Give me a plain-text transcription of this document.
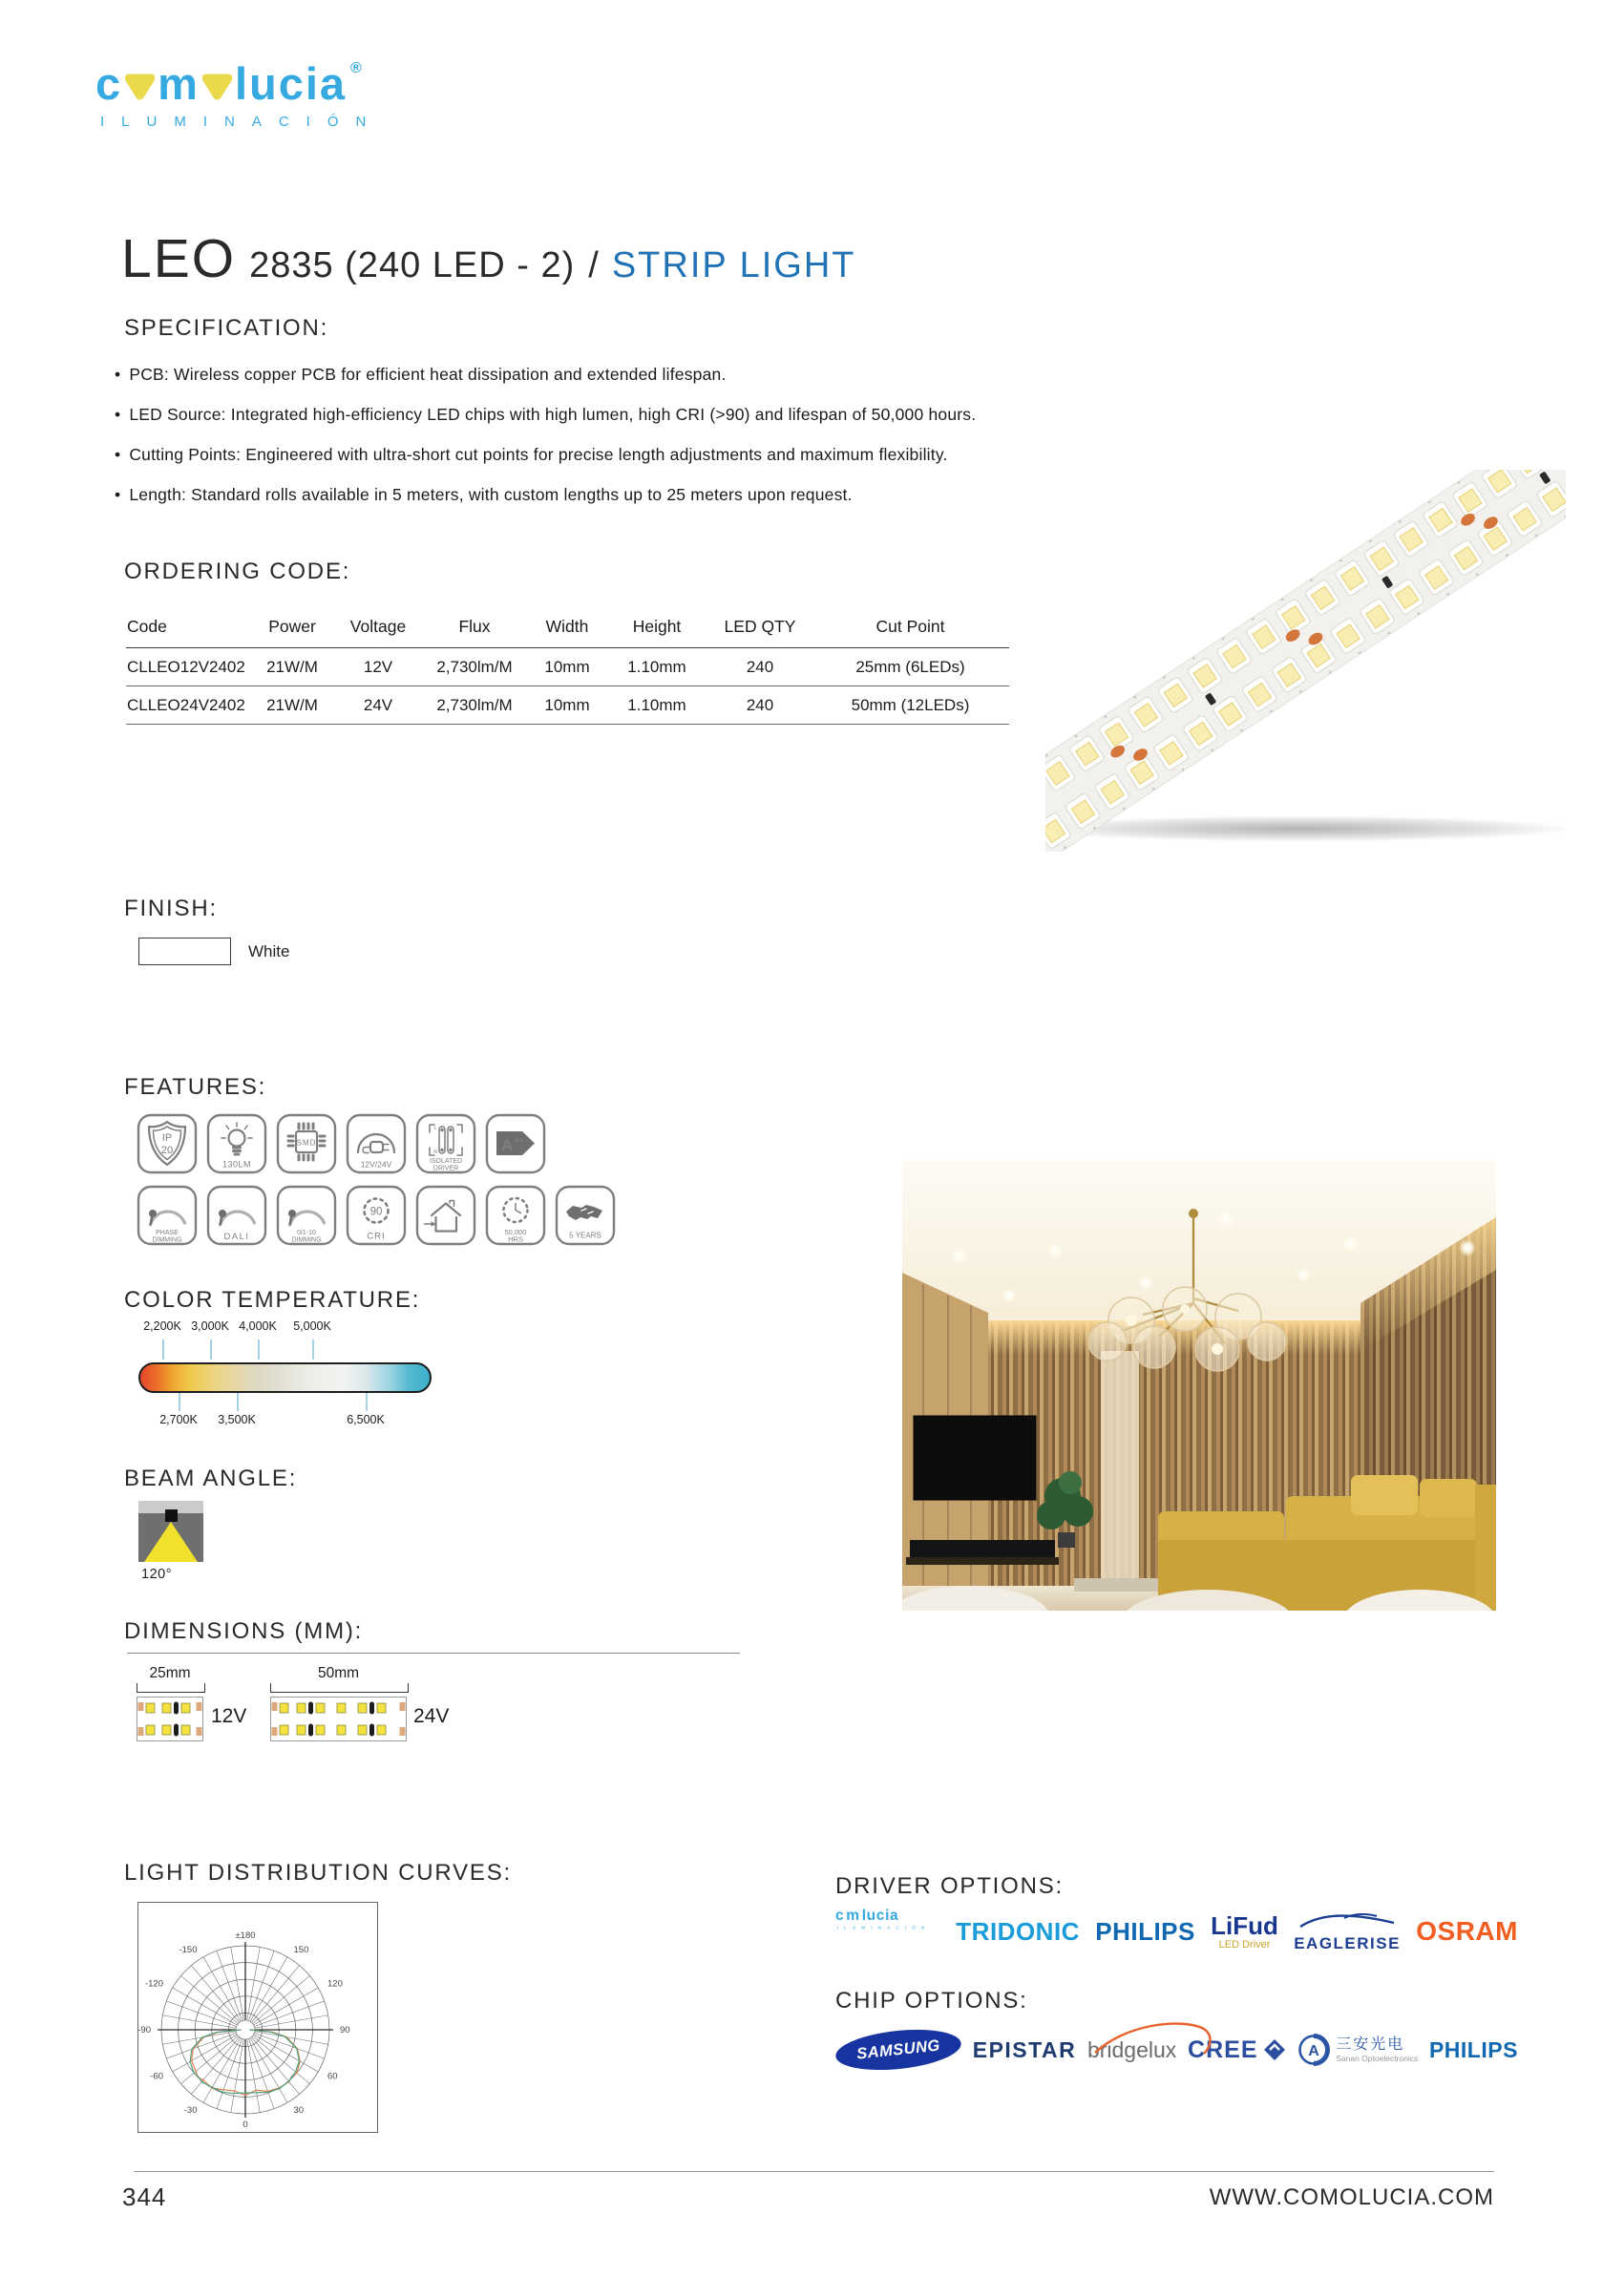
c m lucia ®
ILUMINACIÓN
LEO 2835 (240 LED - 2) / STRIP LIGHT
SPECIFICATION:
• PCB: Wireless copper PCB for efficient heat dissipation and extended lifespan.
• LED Source: Integrated high-efficiency LED chips with high lumen, high CRI (>90) and lifespan of 50,000 hours.
• Cutting Points: Engineered with ultra-short cut points for precise length adjustments and maximum flexibility.
• Length: Standard rolls available in 5 meters, with custom lengths up to 25 meters upon request.
ORDERING CODE:
Code	Power	Voltage	Flux	Width	Height	LED QTY	Cut Point
CLLEO12V2402	21W/M	12V	2,730lm/M	10mm	1.10mm	240	25mm (6LEDs)
CLLEO24V2402	21W/M	24V	2,730lm/M	10mm	1.10mm	240	50mm (12LEDs)
FINISH:
White
FEATURES:
IP
20
130LM
SMD
12V/24V
L
N
ISOLATED
DRIVER
A++
PHASE
DIMMING	DALI	0/1-10
DIMMING
90
CRI	50,000
HRS	5 YEARS
COLOR TEMPERATURE:
2,200K 3,000K 4,000K	5,000K
2,700K	3,500K	6,500K
BEAM ANGLE:
120°
DIMENSIONS (MM):
25mm
12V
50mm
24V
LIGHT DISTRIBUTION CURVES:
±180
0
150
120
90
60
30
-150
-120
-90
-60
-30
DRIVER OPTIONS:
c m lucia
ILUMINACIÓN TRIDONIC PHILIPS LiFud
LED Driver	EAGLERISE OSRAM
CHIP OPTIONS:
SAMSUNG EPISTAR bridgelux CREE	A 三安光电
Sanan Optoelectronics PHILIPS
344	WWW.COMOLUCIA.COM
